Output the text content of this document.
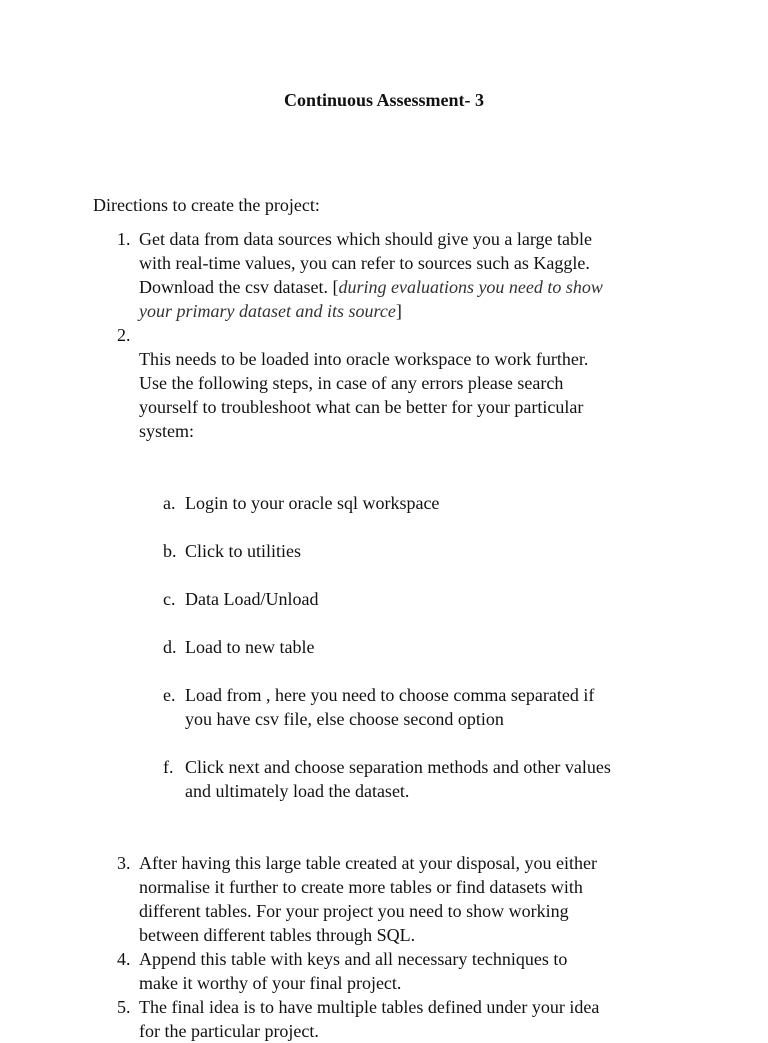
Continuous Assessment- 3
Directions to create the project:
1. Get data from data sources which should give you a large table
with real-time values, you can refer to sources such as Kaggle.
Download the csv dataset. [during evaluations you need to show
your primary dataset and its source]
2.

This needs to be loaded into oracle workspace to work further.
Use the following steps, in case of any errors please search
yourself to troubleshoot what can be better for your particular
system:

a. Login to your oracle sql workspace

b. Click to utilities

c. Data Load/Unload

d. Load to new table

e. Load from , here you need to choose comma separated if
you have csv file, else choose second option

f. Click next and choose separation methods and other values
and ultimately load the dataset.

3. After having this large table created at your disposal, you either
normalise it further to create more tables or find datasets with
different tables. For your project you need to show working
between different tables through SQL.
4. Append this table with keys and all necessary techniques to
make it worthy of your final project.
5. The final idea is to have multiple tables defined under your idea
for the particular project.
